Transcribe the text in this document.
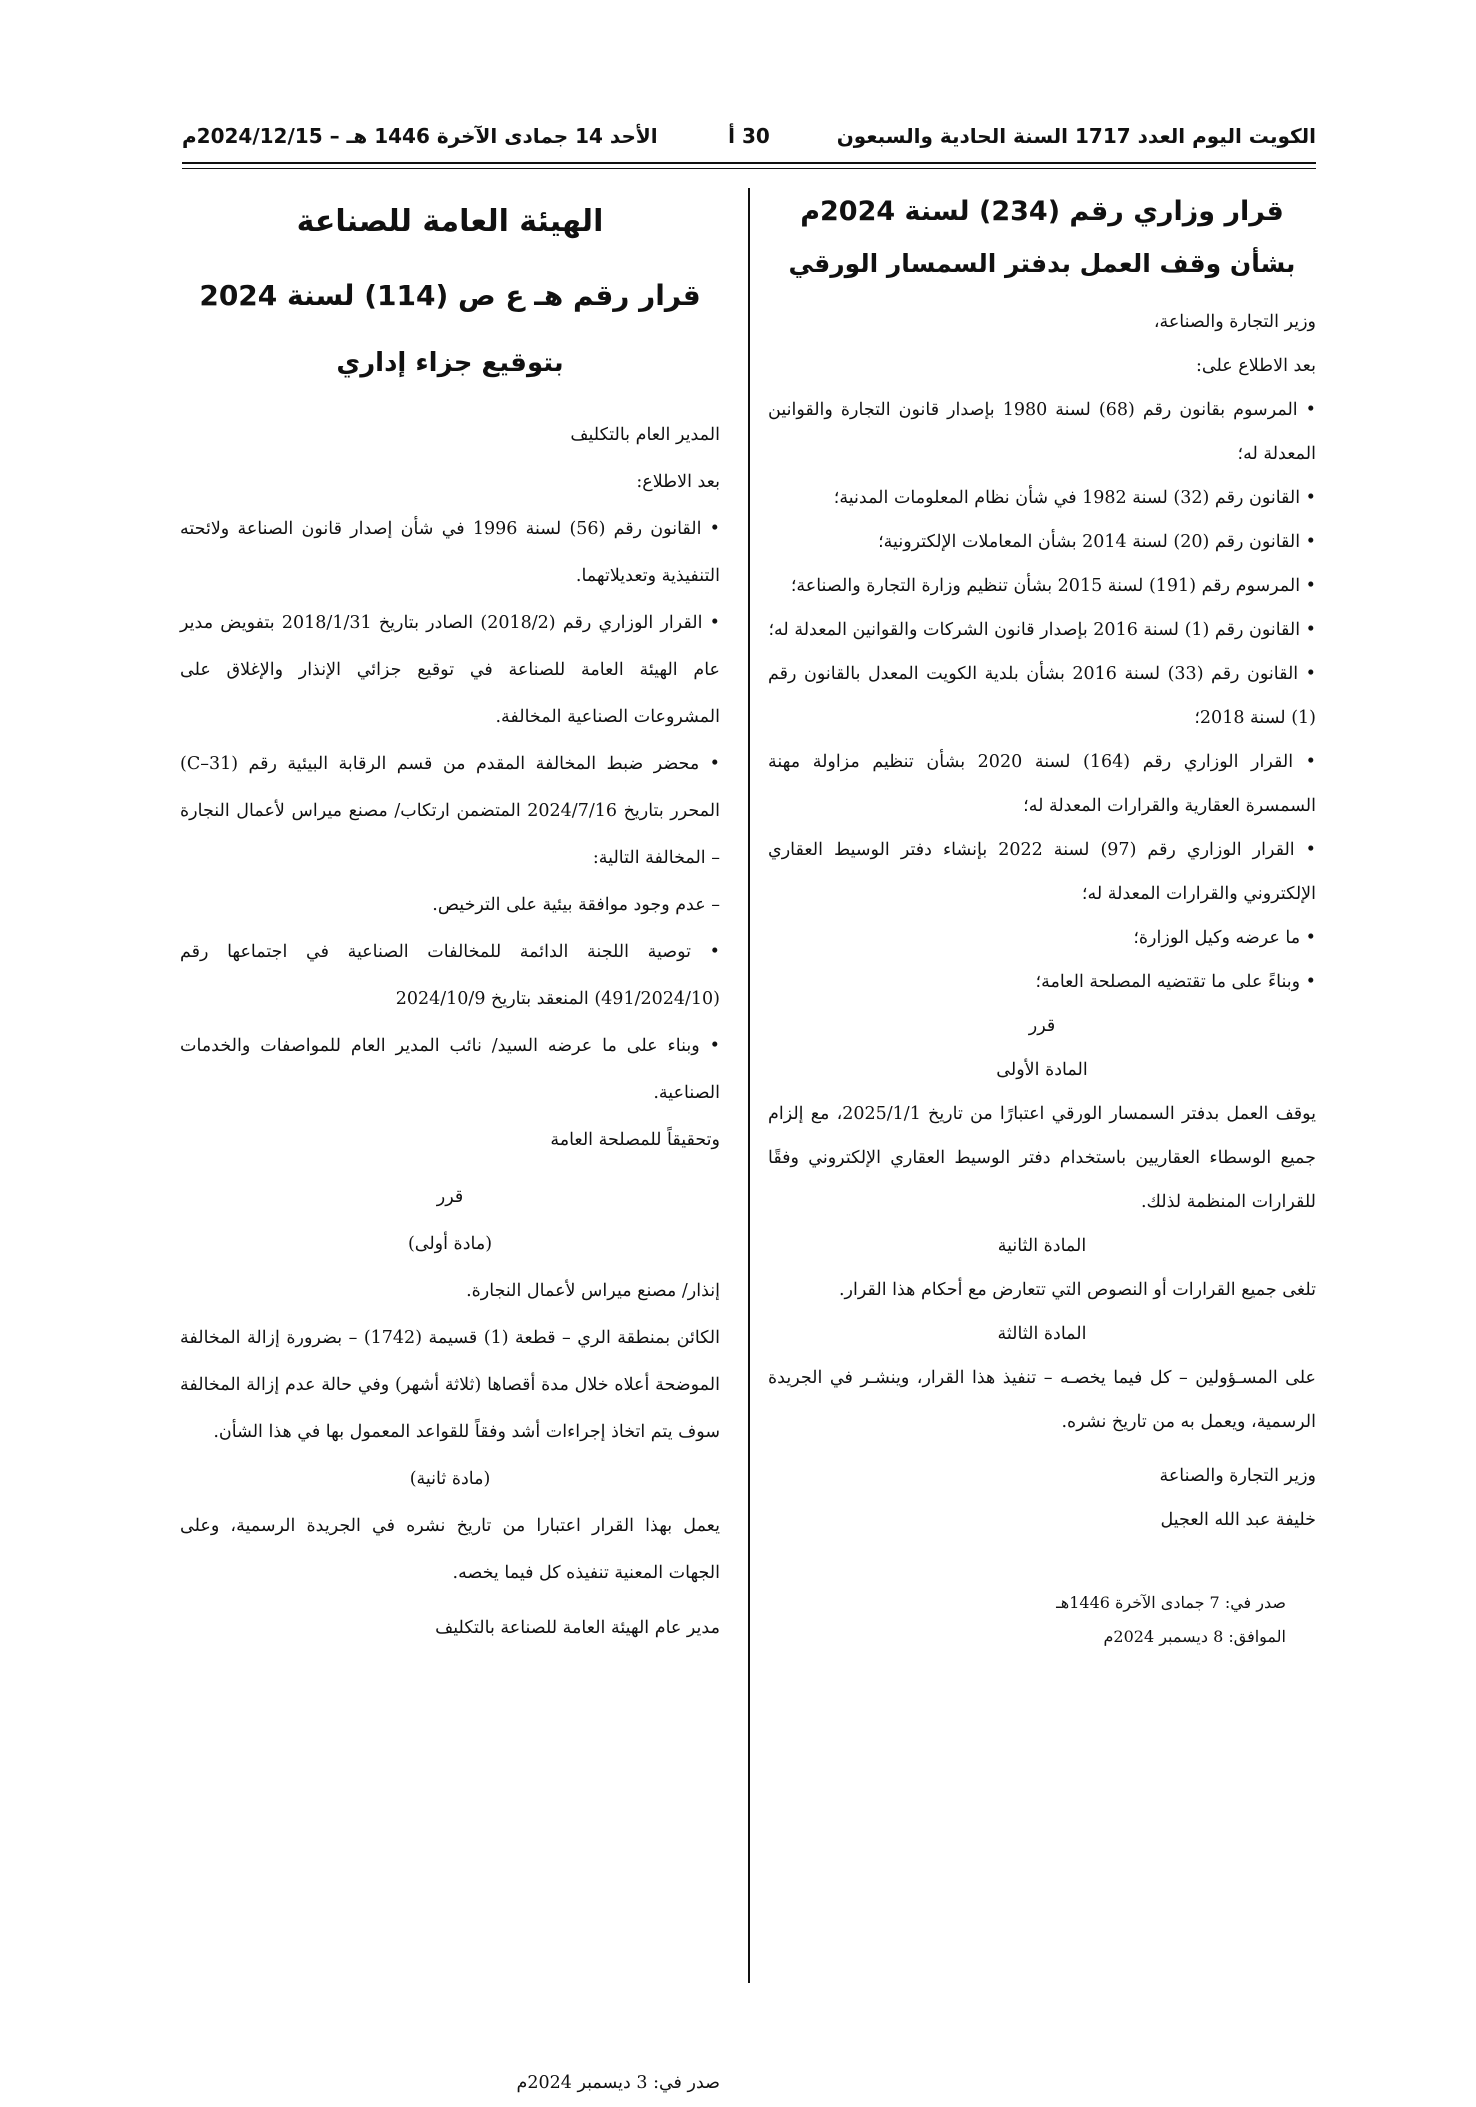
الكويت اليوم العدد 1717 السنة الحادية والسبعون
30 أ
الأحد 14 جمادى الآخرة 1446 هـ – 2024/12/15م
قرار وزاري رقم (234) لسنة 2024م
بشأن وقف العمل بدفتر السمسار الورقي

وزير التجارة والصناعة،

بعد الاطلاع على:

• المرسوم بقانون رقم (68) لسنة 1980 بإصدار قانون التجارة والقوانين المعدلة له؛

• القانون رقم (32) لسنة 1982 في شأن نظام المعلومات المدنية؛

• القانون رقم (20) لسنة 2014 بشأن المعاملات الإلكترونية؛

• المرسوم رقم (191) لسنة 2015 بشأن تنظيم وزارة التجارة والصناعة؛

• القانون رقم (1) لسنة 2016 بإصدار قانون الشركات والقوانين المعدلة له؛

• القانون رقم (33) لسنة 2016 بشأن بلدية الكويت المعدل بالقانون رقم (1) لسنة 2018؛

• القرار الوزاري رقم (164) لسنة 2020 بشأن تنظيم مزاولة مهنة السمسرة العقارية والقرارات المعدلة له؛

• القرار الوزاري رقم (97) لسنة 2022 بإنشاء دفتر الوسيط العقاري الإلكتروني والقرارات المعدلة له؛

• ما عرضه وكيل الوزارة؛

• وبناءً على ما تقتضيه المصلحة العامة؛

قرر

المادة الأولى

يوقف العمل بدفتر السمسار الورقي اعتبارًا من تاريخ 2025/1/1، مع إلزام جميع الوسطاء العقاريين باستخدام دفتر الوسيط العقاري الإلكتروني وفقًا للقرارات المنظمة لذلك.

المادة الثانية

تلغى جميع القرارات أو النصوص التي تتعارض مع أحكام هذا القرار.

المادة الثالثة

على المسـؤولين – كل فيما يخصـه – تنفيذ هذا القرار، وينشـر في الجريدة الرسمية، ويعمل به من تاريخ نشره.

وزير التجارة والصناعة

خليفة عبد الله العجيل

صدر في: 7 جمادى الآخرة 1446هـ

الموافق: 8 ديسمبر 2024م

الهيئة العامة للصناعة
قرار رقم هـ ع ص (114) لسنة 2024
بتوقيع جزاء إداري

المدير العام بالتكليف

بعد الاطلاع:

• القانون رقم (56) لسنة 1996 في شأن إصدار قانون الصناعة ولائحته التنفيذية وتعديلاتهما.

• القرار الوزاري رقم (2018/2) الصادر بتاريخ 2018/1/31 بتفويض مدير عام الهيئة العامة للصناعة في توقيع جزائي الإنذار والإغلاق على المشروعات الصناعية المخالفة.

• محضر ضبط المخالفة المقدم من قسم الرقابة البيئية رقم (C–31) المحرر بتاريخ 2024/7/16 المتضمن ارتكاب/ مصنع ميراس لأعمال النجارة – المخالفة التالية:

– عدم وجود موافقة بيئية على الترخيص.

• توصية اللجنة الدائمة للمخالفات الصناعية في اجتماعها رقم (491/2024/10) المنعقد بتاريخ 2024/10/9

• وبناء على ما عرضه السيد/ نائب المدير العام للمواصفات والخدمات الصناعية.

وتحقيقاً للمصلحة العامة

قرر

(مادة أولى)

إنذار/ مصنع ميراس لأعمال النجارة.

الكائن بمنطقة الري – قطعة (1) قسيمة (1742) – بضرورة إزالة المخالفة الموضحة أعلاه خلال مدة أقصاها (ثلاثة أشهر) وفي حالة عدم إزالة المخالفة سوف يتم اتخاذ إجراءات أشد وفقاً للقواعد المعمول بها في هذا الشأن.

(مادة ثانية)

يعمل بهذا القرار اعتبارا من تاريخ نشره في الجريدة الرسمية، وعلى الجهات المعنية تنفيذه كل فيما يخصه.

مدير عام الهيئة العامة للصناعة بالتكليف

صدر في: 3 ديسمبر 2024م
